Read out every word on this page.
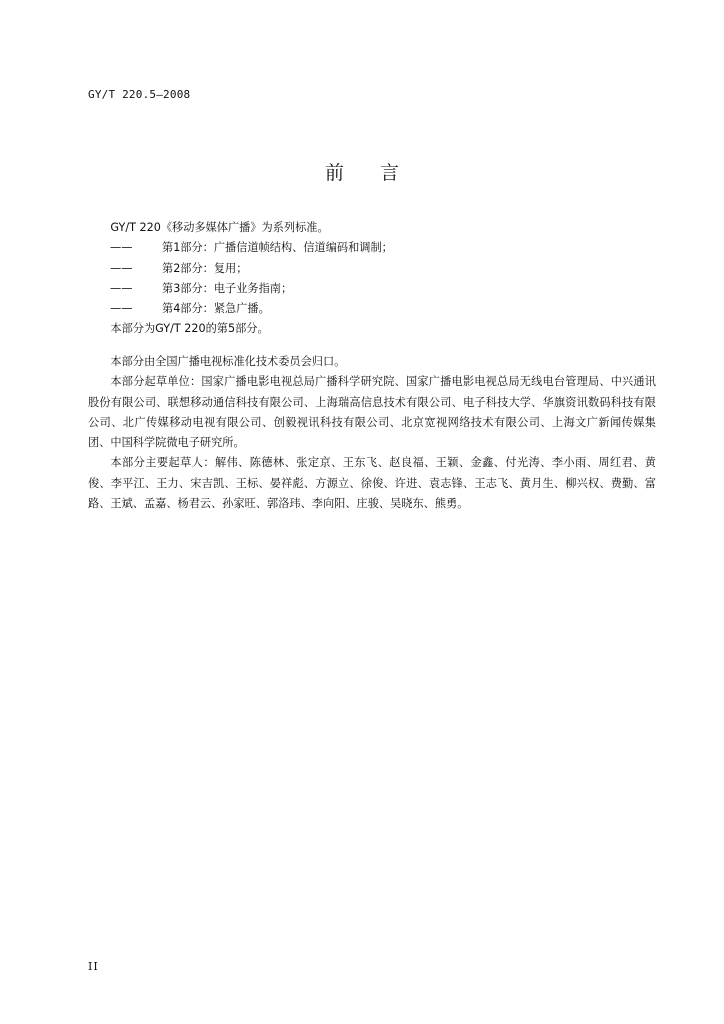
GY/T 220.5—2008
前言

GY/T 220《移动多媒体广播》为系列标准。

——	第1部分：广播信道帧结构、信道编码和调制；
——	第2部分：复用；
——	第3部分：电子业务指南；
——	第4部分：紧急广播。

本部分为GY/T 220的第5部分。

本部分由全国广播电视标准化技术委员会归口。

本部分起草单位：国家广播电影电视总局广播科学研究院、国家广播电影电视总局无线电台管理局、中兴通讯股份有限公司、联想移动通信科技有限公司、上海瑞高信息技术有限公司、电子科技大学、华旗资讯数码科技有限公司、北广传媒移动电视有限公司、创毅视讯科技有限公司、北京宽视网络技术有限公司、上海文广新闻传媒集团、中国科学院微电子研究所。

本部分主要起草人：解伟、陈德林、张定京、王东飞、赵良福、王颖、金鑫、付光涛、李小雨、周红君、黄俊、李平江、王力、宋吉凯、王标、晏祥彪、方源立、徐俊、许进、袁志锋、王志飞、黄月生、柳兴权、费勤、富路、王斌、孟嘉、杨君云、孙家旺、郭洛玮、李向阳、庄骏、吴晓东、熊勇。

II
